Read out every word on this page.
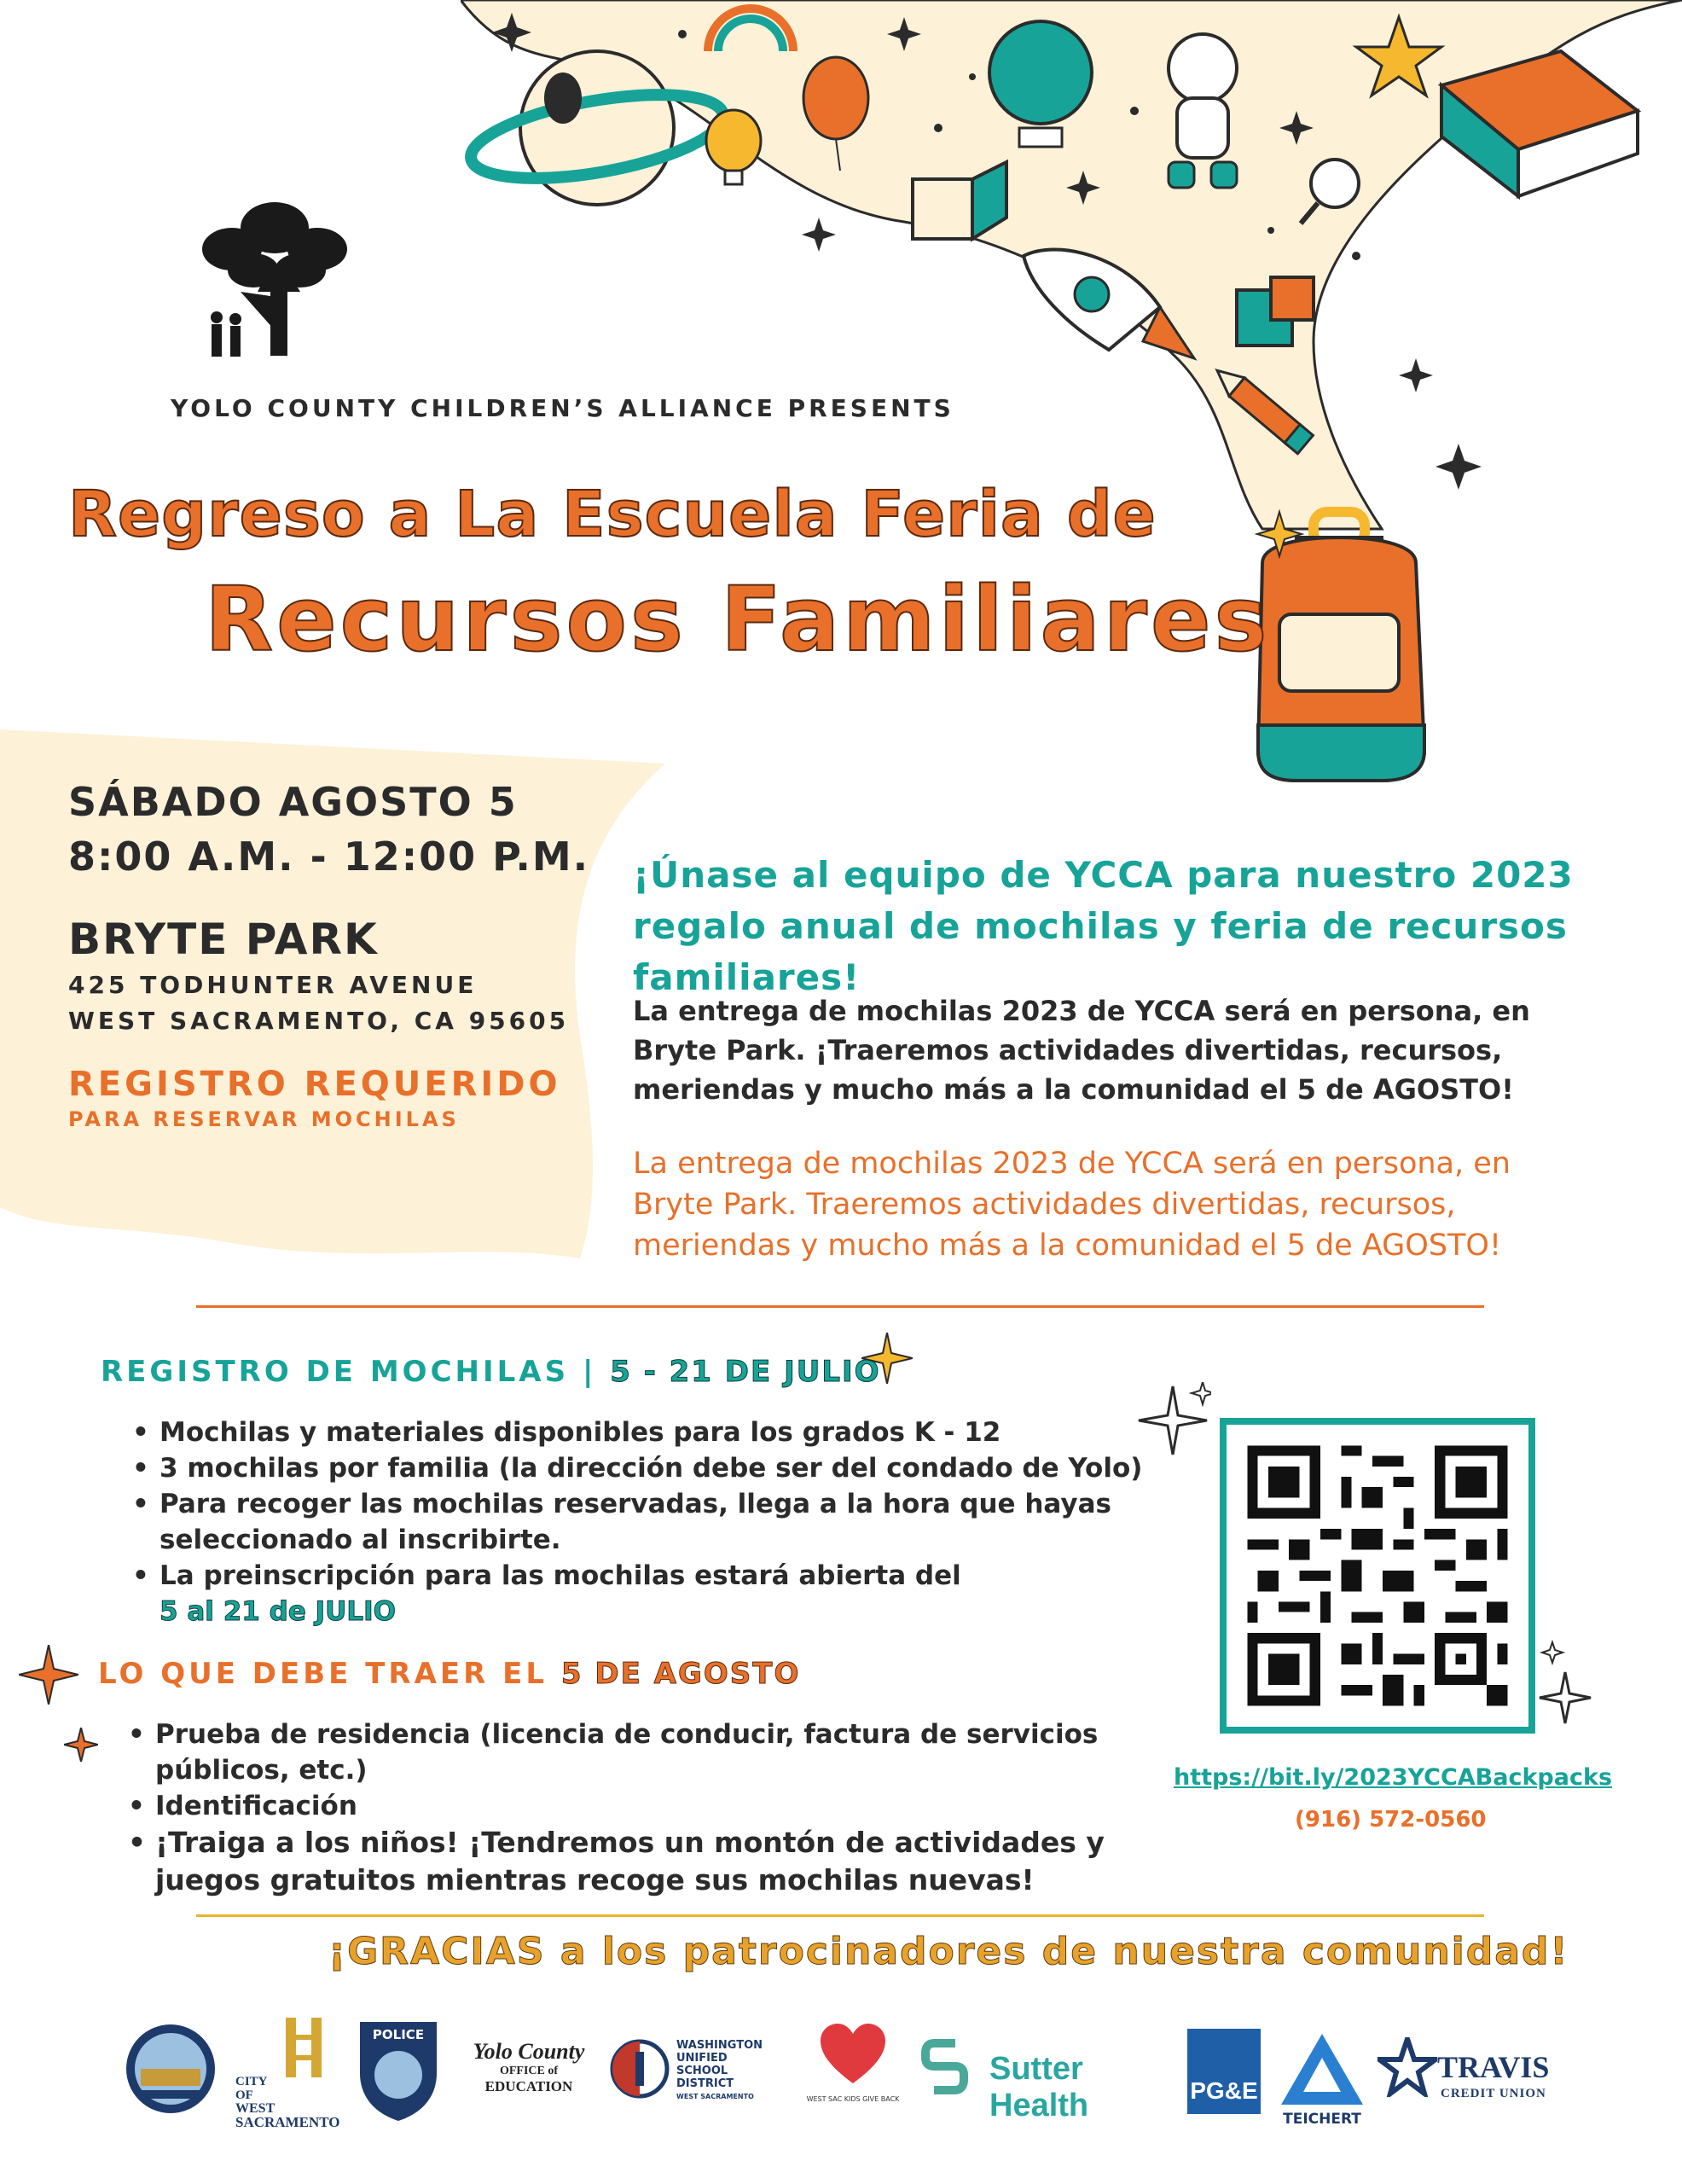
YOLO COUNTY CHILDREN’S ALLIANCE PRESENTS
Regreso a La Escuela Feria de
Recursos Familiares
SÁBADO AGOSTO 5
8:00 A.M. - 12:00 P.M.
BRYTE PARK
425 TODHUNTER AVENUE
WEST SACRAMENTO, CA 95605
REGISTRO REQUERIDO
PARA RESERVAR MOCHILAS
¡Únase al equipo de YCCA para nuestro 2023 regalo anual de mochilas y feria de recursos familiares!
La entrega de mochilas 2023 de YCCA será en persona, en Bryte Park. ¡Traeremos actividades divertidas, recursos, meriendas y mucho más a la comunidad el 5 de AGOSTO!
La entrega de mochilas 2023 de YCCA será en persona, en Bryte Park. Traeremos actividades divertidas, recursos, meriendas y mucho más a la comunidad el 5 de AGOSTO!
REGISTRO DE MOCHILAS | 5 - 21 DE JULIO
• Mochilas y materiales disponibles para los grados K - 12
• 3 mochilas por familia (la dirección debe ser del condado de Yolo)
• Para recoger las mochilas reservadas, llega a la hora que hayas seleccionado al inscribirte.
• La preinscripción para las mochilas estará abierta del
5 al 21 de JULIO
LO QUE DEBE TRAER EL 5 DE AGOSTO
• Prueba de residencia (licencia de conducir, factura de servicios públicos, etc.)
• Identificación
• ¡Traiga a los niños! ¡Tendremos un montón de actividades y juegos gratuitos mientras recoge sus mochilas nuevas!
https://bit.ly/2023YCCABackpacks
(916) 572-0560
¡GRACIAS a los patrocinadores de nuestra comunidad!
CITY
OF
WEST
SACRAMENTO
POLICE
Yolo County
OFFICE of
EDUCATION
WASHINGTON
UNIFIED
SCHOOL
DISTRICT
WEST SACRAMENTO	WEST SAC KIDS GIVE BACK
Sutter Health	PG&E
TEICHERT
TRAVIS
CREDIT UNION
